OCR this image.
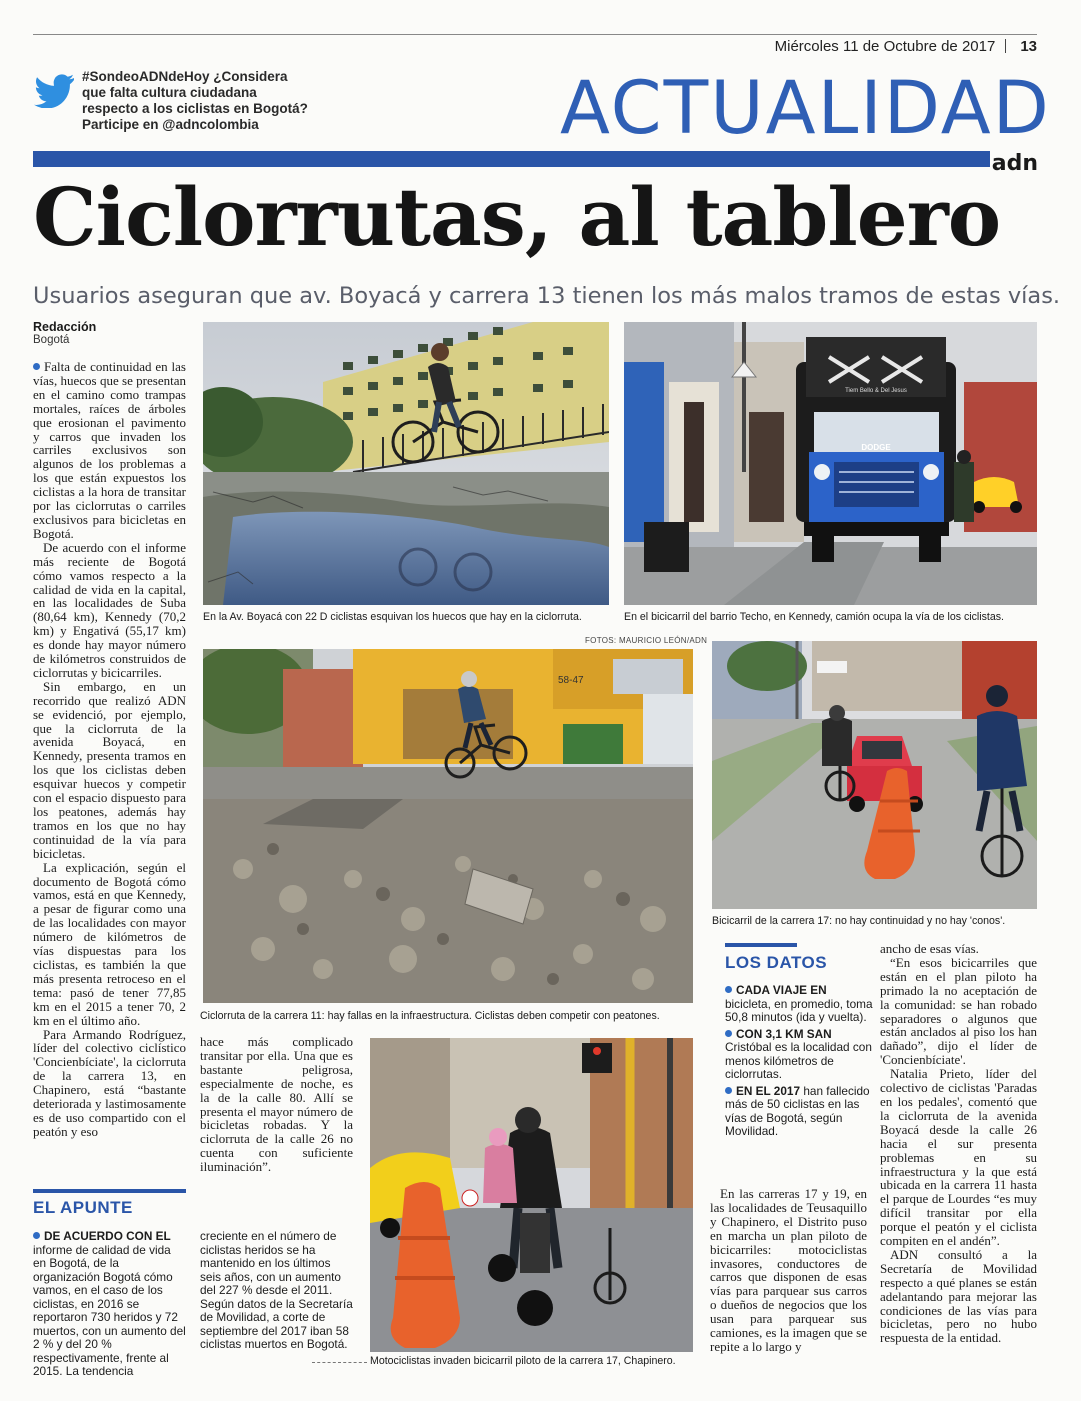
Miércoles 11 de Octubre de 2017 13
#SondeoADNdeHoy ¿Considera
que falta cultura ciudadana
respecto a los ciclistas en Bogotá?
Participe en @adncolombia	ACTUALIDAD
adn
Ciclorrutas, al tablero
Usuarios aseguran que av. Boyacá y carrera 13 tienen los más malos tramos de estas vías.
Redacción
Bogotá

Falta de continuidad en las vías, huecos que se presentan en el camino como trampas mortales, raíces de árboles que erosionan el pavimento y carros que invaden los carriles exclusivos son algunos de los problemas a los que están expuestos los ciclistas a la hora de transitar por las ciclorrutas o carriles exclusivos para bicicletas en Bogotá.

De acuerdo con el informe más reciente de Bogotá cómo vamos respecto a la calidad de vida en la capital, en las localidades de Suba (80,64 km), Kennedy (70,2 km) y Engativá (55,17 km) es donde hay mayor número de kilómetros construidos de ciclorrutas y bicicarriles.

Sin embargo, en un recorrido que realizó ADN se evidenció, por ejemplo, que la ciclorruta de la avenida Boyacá, en Kennedy, presenta tramos en los que los ciclistas deben esquivar huecos y competir con el espacio dispuesto para los peatones, además hay tramos en los que no hay continuidad de la vía para bicicletas.

La explicación, según el documento de Bogotá cómo vamos, está en que Kennedy, a pesar de figurar como una de las localidades con mayor número de kilómetros de vías dispuestas para los ciclistas, es también la que más presenta retroceso en el tema: pasó de tener 77,85 km en el 2015 a tener 70, 2 km en el último año.

Para Armando Rodríguez, líder del colectivo ciclístico 'Concienbíciate', la ciclorruta de la carrera 13, en Chapinero, está “bastante deteriorada y lastimosamente es de uso compartido con el peatón y eso

En la Av. Boyacá con 22 D ciclistas esquivan los huecos que hay en la ciclorruta.
Tiem Bello & Del Jesus
DODGE
En el bicicarril del barrio Techo, en Kennedy, camión ocupa la vía de los ciclistas.
FOTOS: MAURICIO LEÓN/ADN
58-47
Ciclorruta de la carrera 11: hay fallas en la infraestructura. Ciclistas deben competir con peatones.
Bicicarril de la carrera 17: no hay continuidad y no hay 'conos'.

hace más complicado transitar por ella. Una que es bastante peligrosa, especialmente de noche, es la de la calle 80. Allí se presenta el mayor número de bicicletas robadas. Y la ciclorruta de la calle 26 no cuenta con suficiente iluminación”.

EL APUNTE
DE ACUERDO CON EL informe de calidad de vida en Bogotá, de la organización Bogotá cómo vamos, en el caso de los ciclistas, en 2016 se reportaron 730 heridos y 72 muertos, con un aumento del 2 % y del 20 % respectivamente, frente al 2015. La tendencia
creciente en el número de ciclistas heridos se ha mantenido en los últimos seis años, con un aumento del 227 % desde el 2011. Según datos de la Secretaría de Movilidad, a corte de septiembre del 2017 iban 58 ciclistas muertos en Bogotá.
Motociclistas invaden bicicarril piloto de la carrera 17, Chapinero.
LOS DATOS

CADA VIAJE EN bicicleta, en promedio, toma 50,8 minutos (ida y vuelta).

CON 3,1 KM SAN Cristóbal es la localidad con menos kilómetros de ciclorrutas.

EN EL 2017 han fallecido más de 50 ciclistas en las vías de Bogotá, según Movilidad.

En las carreras 17 y 19, en las localidades de Teusaquillo y Chapinero, el Distrito puso en marcha un plan piloto de bicicarriles: motociclistas invasores, conductores de carros que disponen de esas vías para parquear sus carros o dueños de negocios que los usan para parquear sus camiones, es la imagen que se repite a lo largo y

ancho de esas vías.

“En esos bicicarriles que están en el plan piloto ha primado la no aceptación de la comunidad: se han robado separadores o algunos que están anclados al piso los han dañado”, dijo el líder de 'Concienbíciate'.

Natalia Prieto, líder del colectivo de ciclistas 'Paradas en los pedales', comentó que la ciclorruta de la avenida Boyacá desde la calle 26 hacia el sur presenta problemas en su infraestructura y la que está ubicada en la carrera 11 hasta el parque de Lourdes “es muy difícil transitar por ella porque el peatón y el ciclista compiten en el andén”.

ADN consultó a la Secretaría de Movilidad respecto a qué planes se están adelantando para mejorar las condiciones de las vías para bicicletas, pero no hubo respuesta de la entidad.
